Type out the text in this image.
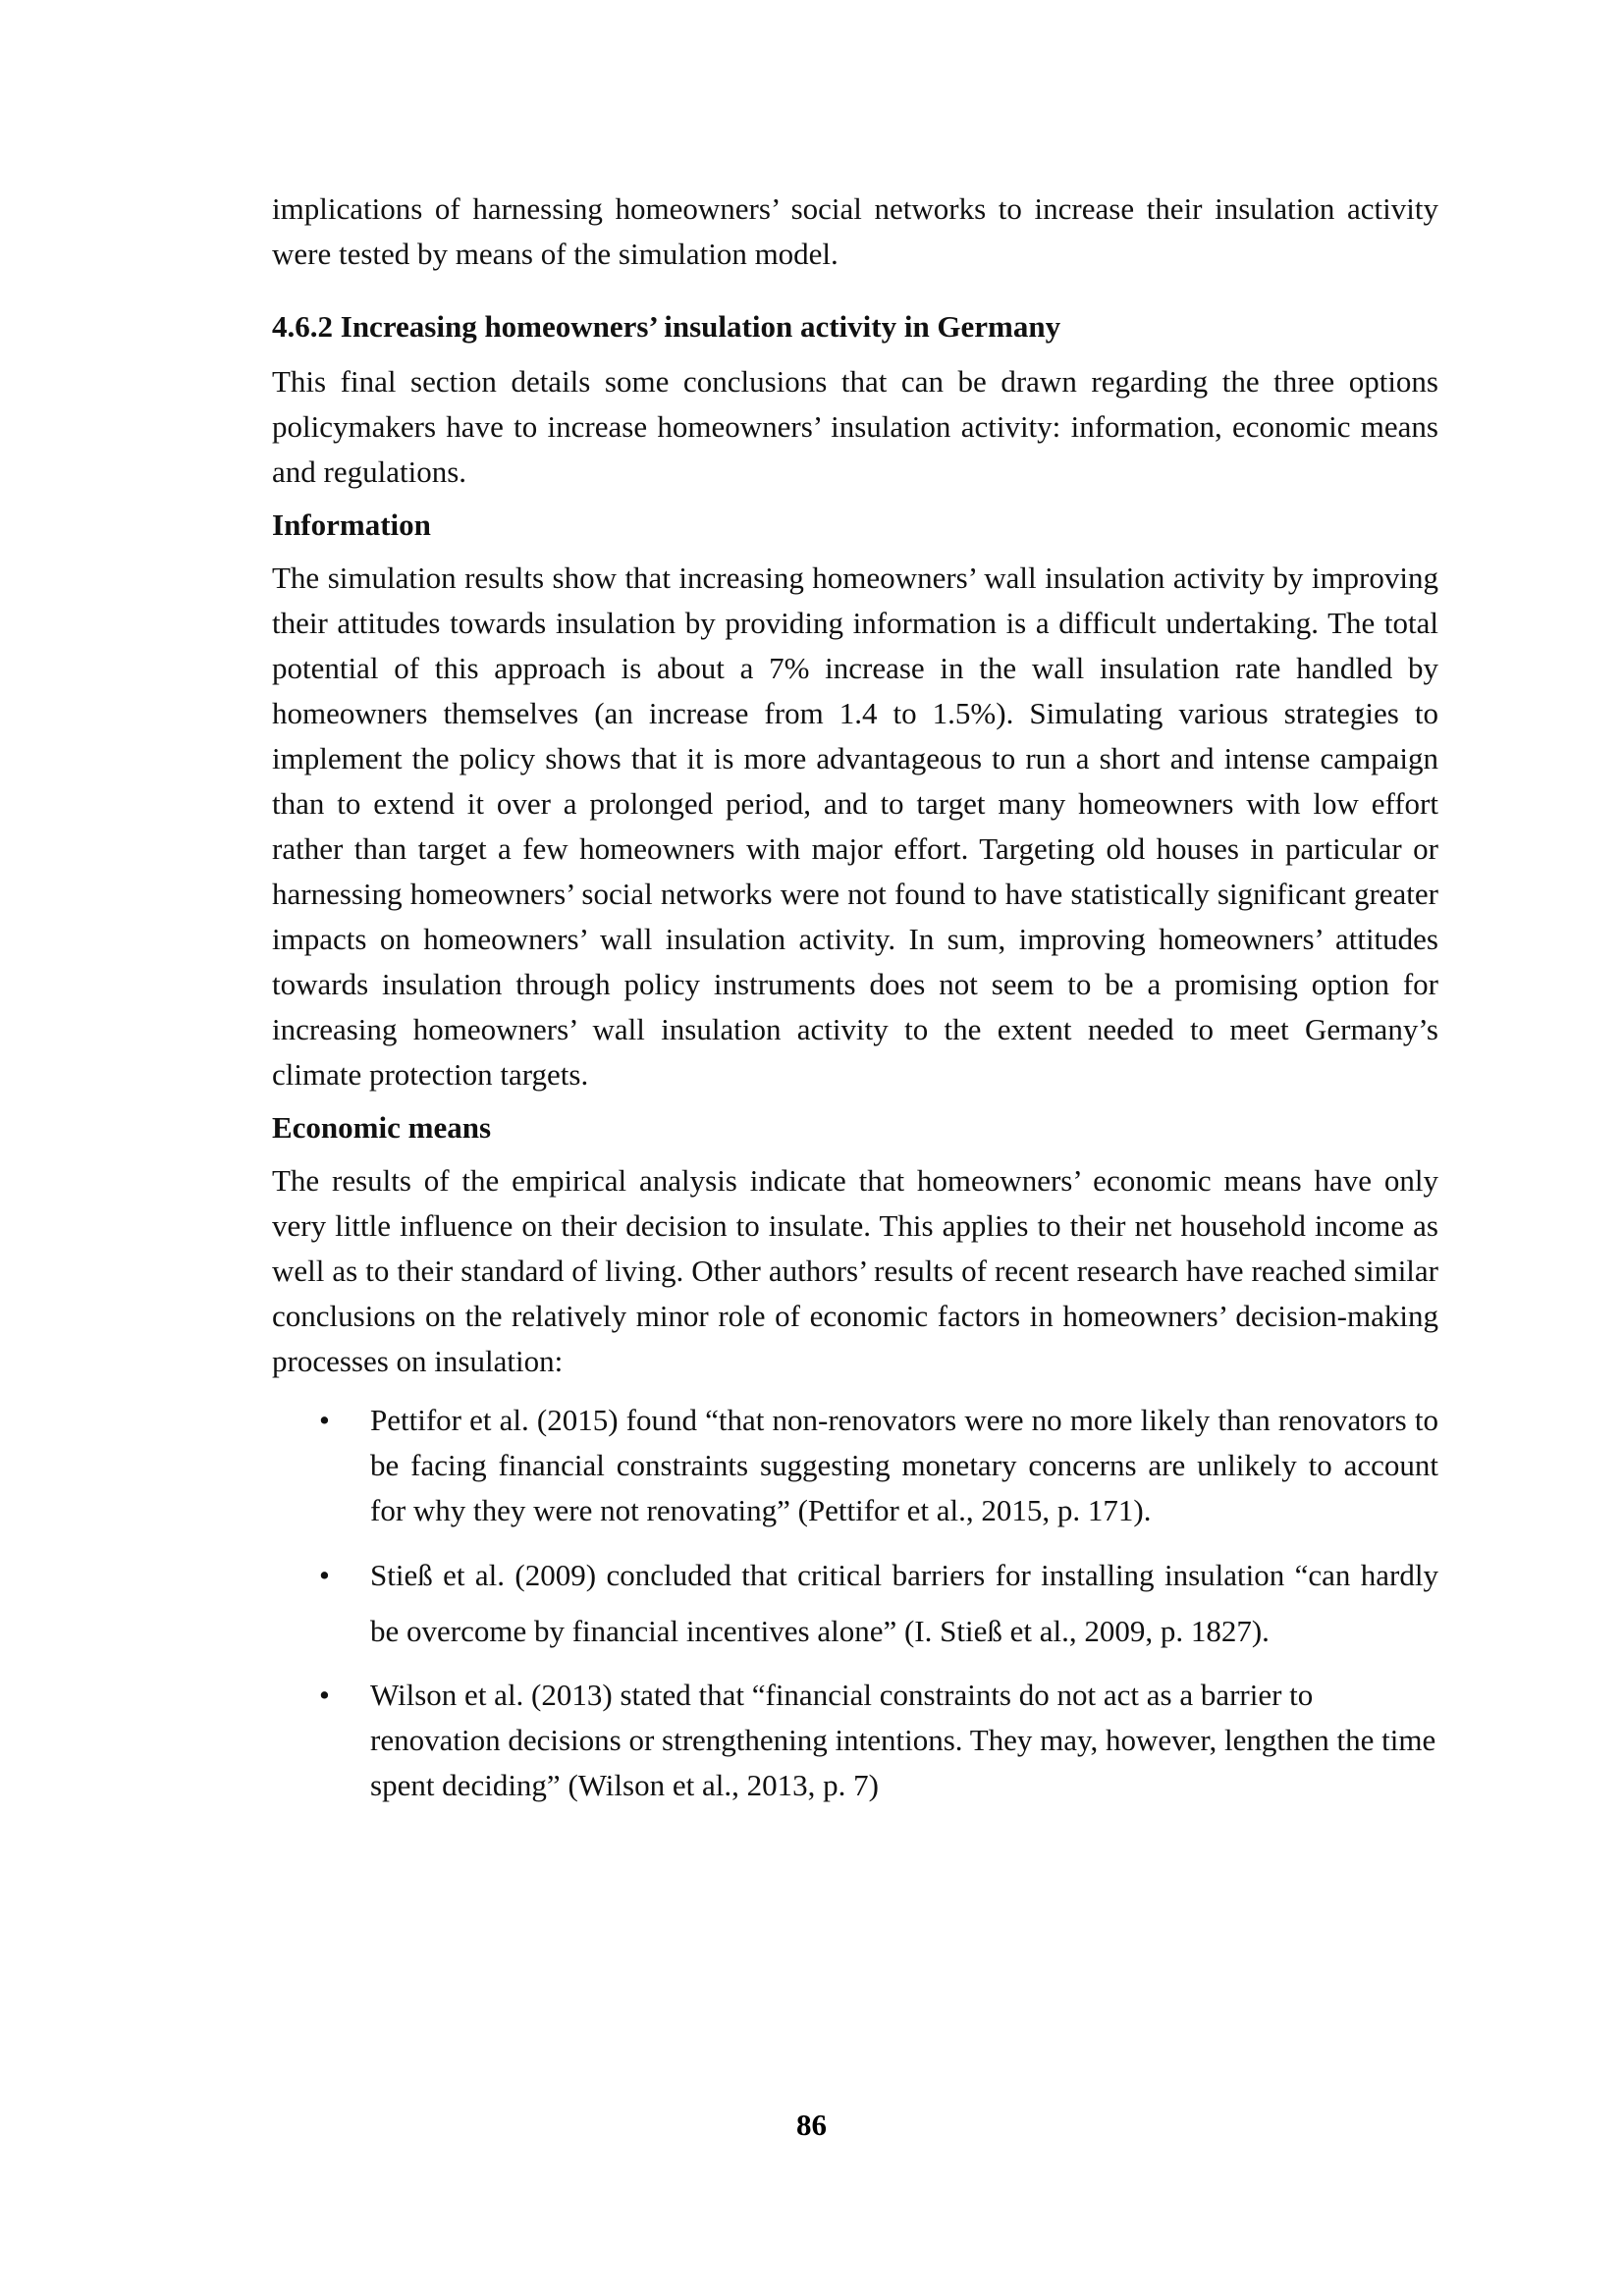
implications of harnessing homeowners’ social networks to increase their insulation activity were tested by means of the simulation model.

4.6.2 Increasing homeowners’ insulation activity in Germany

This final section details some conclusions that can be drawn regarding the three options policymakers have to increase homeowners’ insulation activity: information, economic means and regulations.

Information

The simulation results show that increasing homeowners’ wall insulation activity by improving their attitudes towards insulation by providing information is a difficult undertaking. The total potential of this approach is about a 7% increase in the wall insulation rate handled by homeowners themselves (an increase from 1.4 to 1.5%). Simulating various strategies to implement the policy shows that it is more advantageous to run a short and intense campaign than to extend it over a prolonged period, and to target many homeowners with low effort rather than target a few homeowners with major effort. Targeting old houses in particular or harnessing homeowners’ social networks were not found to have statistically significant greater impacts on homeowners’ wall insulation activity. In sum, improving homeowners’ attitudes towards insulation through policy instruments does not seem to be a promising option for increasing homeowners’ wall insulation activity to the extent needed to meet Germany’s climate protection targets.

Economic means

The results of the empirical analysis indicate that homeowners’ economic means have only very little influence on their decision to insulate. This applies to their net household income as well as to their standard of living. Other authors’ results of recent research have reached similar conclusions on the relatively minor role of economic factors in homeowners’ decision-making processes on insulation:

• Pettifor et al. (2015) found “that non-renovators were no more likely than renovators to be facing financial constraints suggesting monetary concerns are unlikely to account for why they were not renovating” (Pettifor et al., 2015, p. 171).
• Stieß et al. (2009) concluded that critical barriers for installing insulation “can hardly be overcome by financial incentives alone” (I. Stieß et al., 2009, p. 1827).
• Wilson et al. (2013) stated that “financial constraints do not act as a barrier to renovation decisions or strengthening intentions. They may, however, lengthen the time spent deciding” (Wilson et al., 2013, p. 7)
86
